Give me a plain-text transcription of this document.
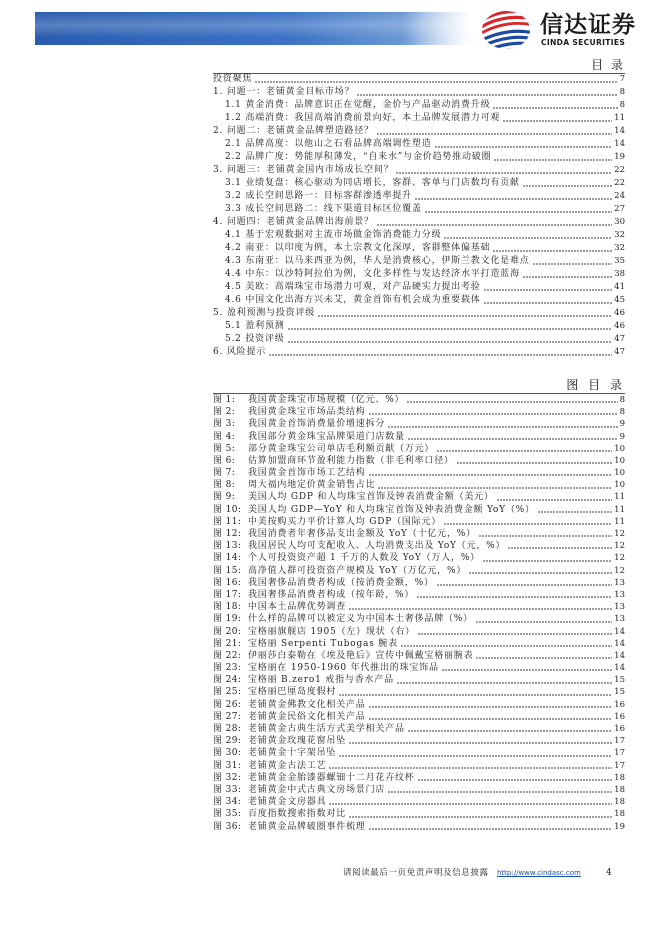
信达证券
CINDA SECURITIES
目 录
投资聚焦	7
1. 问题一：老铺黄金目标市场？	8
1.1 黄金消费：品牌意识正在觉醒，金价与产品驱动消费升级	8
1.2 高端消费：我国高端消费前景向好，本土品牌发展潜力可观	11
2. 问题二：老铺黄金品牌塑造路径？	14
2.1 品牌高度：以他山之石看品牌高端调性塑造	14
2.2 品牌广度：势能厚积薄发，“自来水”与金价趋势推动破圈	19
3. 问题三：老铺黄金国内市场成长空间？	22
3.1 业绩复盘：核心驱动为同店增长，客群、客单与门店数均有贡献	22
3.2 成长空间思路一：目标客群渗透率提升	24
3.3 成长空间思路二：线下渠道目标区位覆盖	27
4. 问题四：老铺黄金品牌出海前景？	30
4.1 基于宏观数据对主流市场做金饰消费能力分级	32
4.2 南亚：以印度为例，本土宗教文化深厚，客群整体偏基础	32
4.3 东南亚：以马来西亚为例，华人是消费核心，伊斯兰教文化是难点	35
4.4 中东：以沙特阿拉伯为例，文化多样性与发达经济水平打造蓝海	38
4.5 美欧：高端珠宝市场潜力可观，对产品硬实力提出考验	41
4.6 中国文化出海方兴未艾，黄金首饰有机会成为重要载体	45
5. 盈利预测与投资评级	46
5.1 盈利预测	46
5.2 投资评级	47
6. 风险提示	47
图 目 录
图 1:	我国黄金珠宝市场规模（亿元、%）	8
图 2:	我国黄金珠宝市场品类结构	8
图 3:	我国黄金首饰消费量价增速拆分	9
图 4:	我国部分黄金珠宝品牌渠道门店数量	9
图 5:	部分黄金珠宝公司单店毛利额贡献（万元）	10
图 6:	估算加盟商环节盈利能力指数（非毛利率口径）	10
图 7:	我国黄金首饰市场工艺结构	10
图 8:	周大福内地定价黄金销售占比	10
图 9:	美国人均 GDP 和人均珠宝首饰及钟表消费金额（美元）	11
图 10: 美国人均 GDP—YoY 和人均珠宝首饰及钟表消费金额 YoY（%）	11
图 11: 中美按购买力平价计算人均 GDP（国际元）	11
图 12: 我国消费者年奢侈品支出金额及 YoY（十亿元，%）	12
图 13: 我国居民人均可支配收入、人均消费支出及 YoY（元，%）	12
图 14: 个人可投资资产超 1 千万的人数及 YoY（万人，%）	12
图 15: 高净值人群可投资资产规模及 YoY（万亿元，%）	12
图 16: 我国奢侈品消费者构成（按消费金额，%）	13
图 17: 我国奢侈品消费者构成（按年龄，%）	13
图 18: 中国本土品牌优势调查	13
图 19: 什么样的品牌可以被定义为中国本土奢侈品牌（%）	13
图 20: 宝格丽旗舰店 1905（左）现状（右）	14
图 21: 宝格丽 Serpenti Tubogas 腕表	14
图 22: 伊丽莎白泰勒在《埃及艳后》宣传中佩戴宝格丽腕表	14
图 23: 宝格丽在 1950-1960 年代推出的珠宝饰品	14
图 24: 宝格丽 B.zero1 戒指与香水产品	15
图 25: 宝格丽巴厘岛度假村	15
图 26: 老铺黄金佛教文化相关产品	16
图 27: 老铺黄金民俗文化相关产品	16
图 28: 老铺黄金古典生活方式美学相关产品	16
图 29: 老铺黄金玫瑰花窗吊坠	17
图 30: 老铺黄金十字架吊坠	17
图 31: 老铺黄金古法工艺	17
图 32: 老铺黄金金胎漆器螺钿十二月花卉纹杯	18
图 33: 老铺黄金中式古典文房场景门店	18
图 34: 老铺黄金文房器具	18
图 35: 百度指数搜索指数对比	18
图 36: 老铺黄金品牌破圈事件梳理	19
请阅读最后一页免责声明及信息披露 http://www.cindasc.com	4
